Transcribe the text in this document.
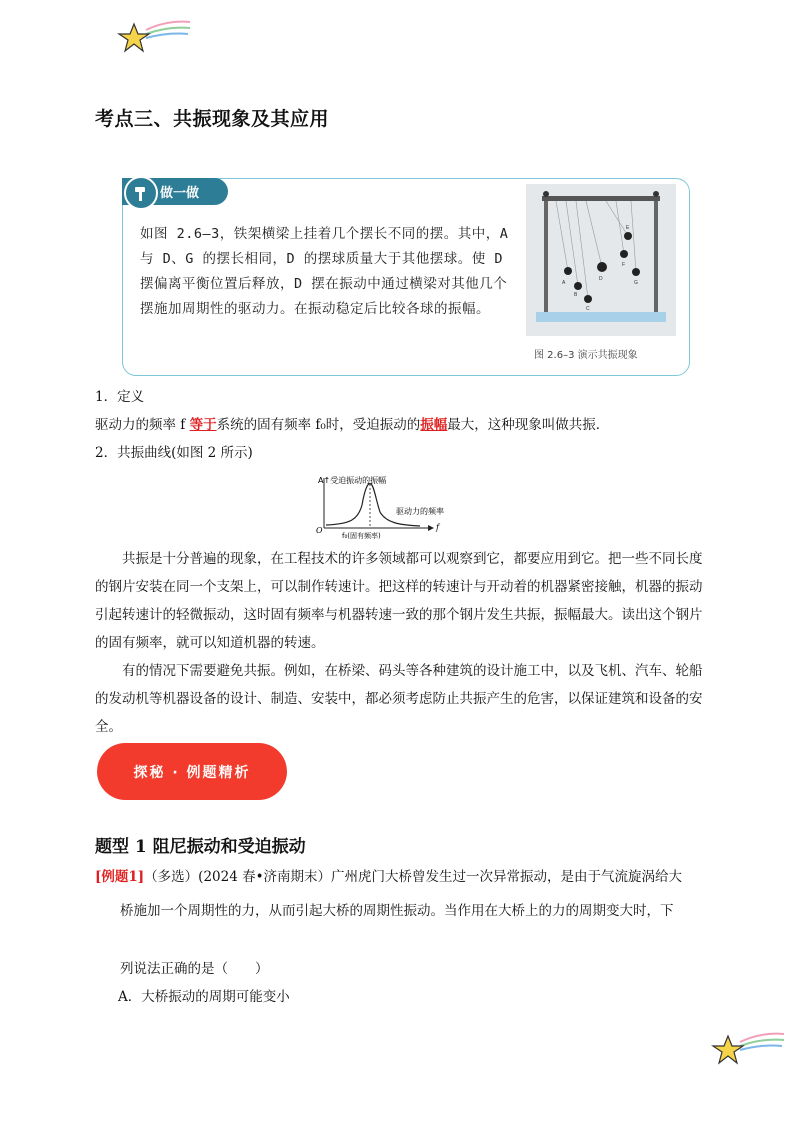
考点三、共振现象及其应用
做一做
如图 2.6–3，铁架横梁上挂着几个摆长不同的摆。其中，A 与 D、G 的摆长相同，D 的摆球质量大于其他摆球。使 D 摆偏离平衡位置后释放，D 摆在振动中通过横梁对其他几个摆施加周期性的驱动力。在振动稳定后比较各球的振幅。
A
B
C
D
E
F
G
图 2.6–3 演示共振现象
1．定义
驱动力的频率 f 等于系统的固有频率 f₀时，受迫振动的振幅最大，这种现象叫做共振．
2．共振曲线(如图 2 所示)
A↑受迫振动的振幅
驱动力的频率
O	f
f₀(固有频率)
共振是十分普遍的现象，在工程技术的许多领域都可以观察到它，都要应用到它。把一些不同长度的钢片安装在同一个支架上，可以制作转速计。把这样的转速计与开动着的机器紧密接触，机器的振动引起转速计的轻微振动，这时固有频率与机器转速一致的那个钢片发生共振，振幅最大。读出这个钢片的固有频率，就可以知道机器的转速。
有的情况下需要避免共振。例如，在桥梁、码头等各种建筑的设计施工中，以及飞机、汽车、轮船的发动机等机器设备的设计、制造、安装中，都必须考虑防止共振产生的危害，以保证建筑和设备的安全。
探秘 · 例题精析
题型 1 阻尼振动和受迫振动
[例题1]（多选）(2024 春•济南期末）广州虎门大桥曾发生过一次异常振动，是由于气流旋涡给大
桥施加一个周期性的力，从而引起大桥的周期性振动。当作用在大桥上的力的周期变大时，下
列说法正确的是（　　）
A．大桥振动的周期可能变小
